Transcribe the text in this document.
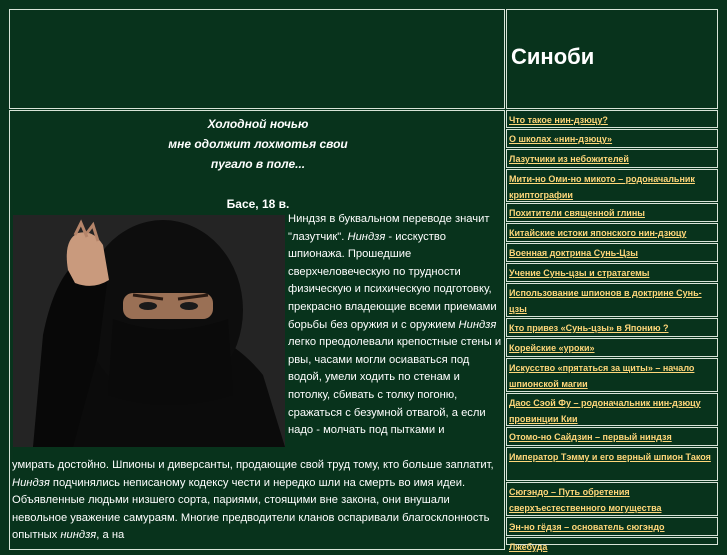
Синоби
Холодной ночью
мне одолжит лохмотья свои
пугало в поле...
Басе, 18 в.
Ниндзя в буквальном переводе значит "лазутчик". Ниндзя - исскуство шпионажа. Прошедшие сверхчеловеческую по трудности физическую и психическую подготовку, прекрасно владеющие всеми приемами борьбы без оружия и с оружием Ниндзя легко преодолевали крепостные стены и рвы, часами могли осиаваться под водой, умели ходить по стенам и потолку, сбивать с толку погоню, сражаться с безумной отвагой, а если надо - молчать под пытками и
умирать достойно. Шпионы и диверсанты, продающие свой труд тому, кто больше заплатит, Ниндзя подчинялись неписаному кодексу чести и нередко шли на смерть во имя идеи. Объявленные людьми низшего сорта, париями, стоящими вне закона, они внушали невольное уважение самураям. Многие предводители кланов оспаривали благосклонность опытных ниндзя, а на
Что такое нин-дзюцу?
О школах «нин-дзюцу»
Лазутчики из небожителей
Мити-но Оми-но микото – родоначальник криптографии
Похитители священной глины
Китайские истоки японского нин-дзюцу
Военная доктрина Сунь-Цзы
Учение Сунь-цзы и стратагемы
Использование шпионов в доктрине Сунь-цзы
Кто привез «Сунь-цзы» в Японию ?
Корейские «уроки»
Искусство «прятаться за щиты» – начало шпионской магии
Даос Сэой Фу – родоначальник нин-дзюцу провинции Кии
Отомо-но Сайдзин – первый ниндзя
Император Тэмму и его верный шпион Такоя
Сюгэндо – Путь обретения сверхъестественного могущества
Эн-но гёдзя – основатель сюгэндо
Лжебуда
